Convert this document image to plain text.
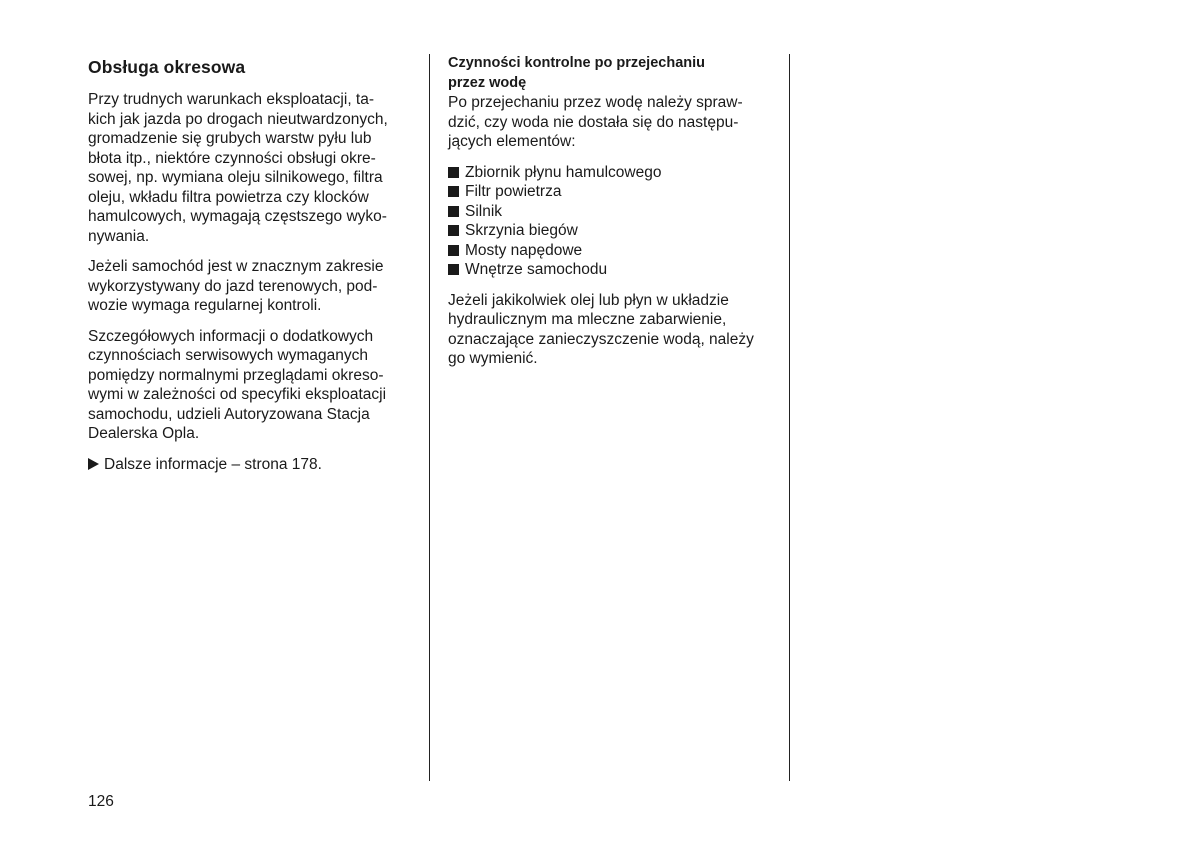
Obsługa okresowa

Przy trudnych warunkach eksploatacji, ta-
kich jak jazda po drogach nieutwardzonych,
gromadzenie się grubych warstw pyłu lub
błota itp., niektóre czynności obsługi okre-
sowej, np. wymiana oleju silnikowego, filtra
oleju, wkładu filtra powietrza czy klocków
hamulcowych, wymagają częstszego wyko-
nywania.

Jeżeli samochód jest w znacznym zakresie
wykorzystywany do jazd terenowych, pod-
wozie wymaga regularnej kontroli.

Szczegółowych informacji o dodatkowych
czynnościach serwisowych wymaganych
pomiędzy normalnymi przeglądami okreso-
wymi w zależności od specyfiki eksploatacji
samochodu, udzieli Autoryzowana Stacja
Dealerska Opla.

Dalsze informacje – strona 178.

Czynności kontrolne po przejechaniu
przez wodę

Po przejechaniu przez wodę należy spraw-
dzić, czy woda nie dostała się do następu-
jących elementów:

Zbiornik płynu hamulcowego
Filtr powietrza
Silnik
Skrzynia biegów
Mosty napędowe
Wnętrze samochodu

Jeżeli jakikolwiek olej lub płyn w układzie
hydraulicznym ma mleczne zabarwienie,
oznaczające zanieczyszczenie wodą, należy
go wymienić.

126
